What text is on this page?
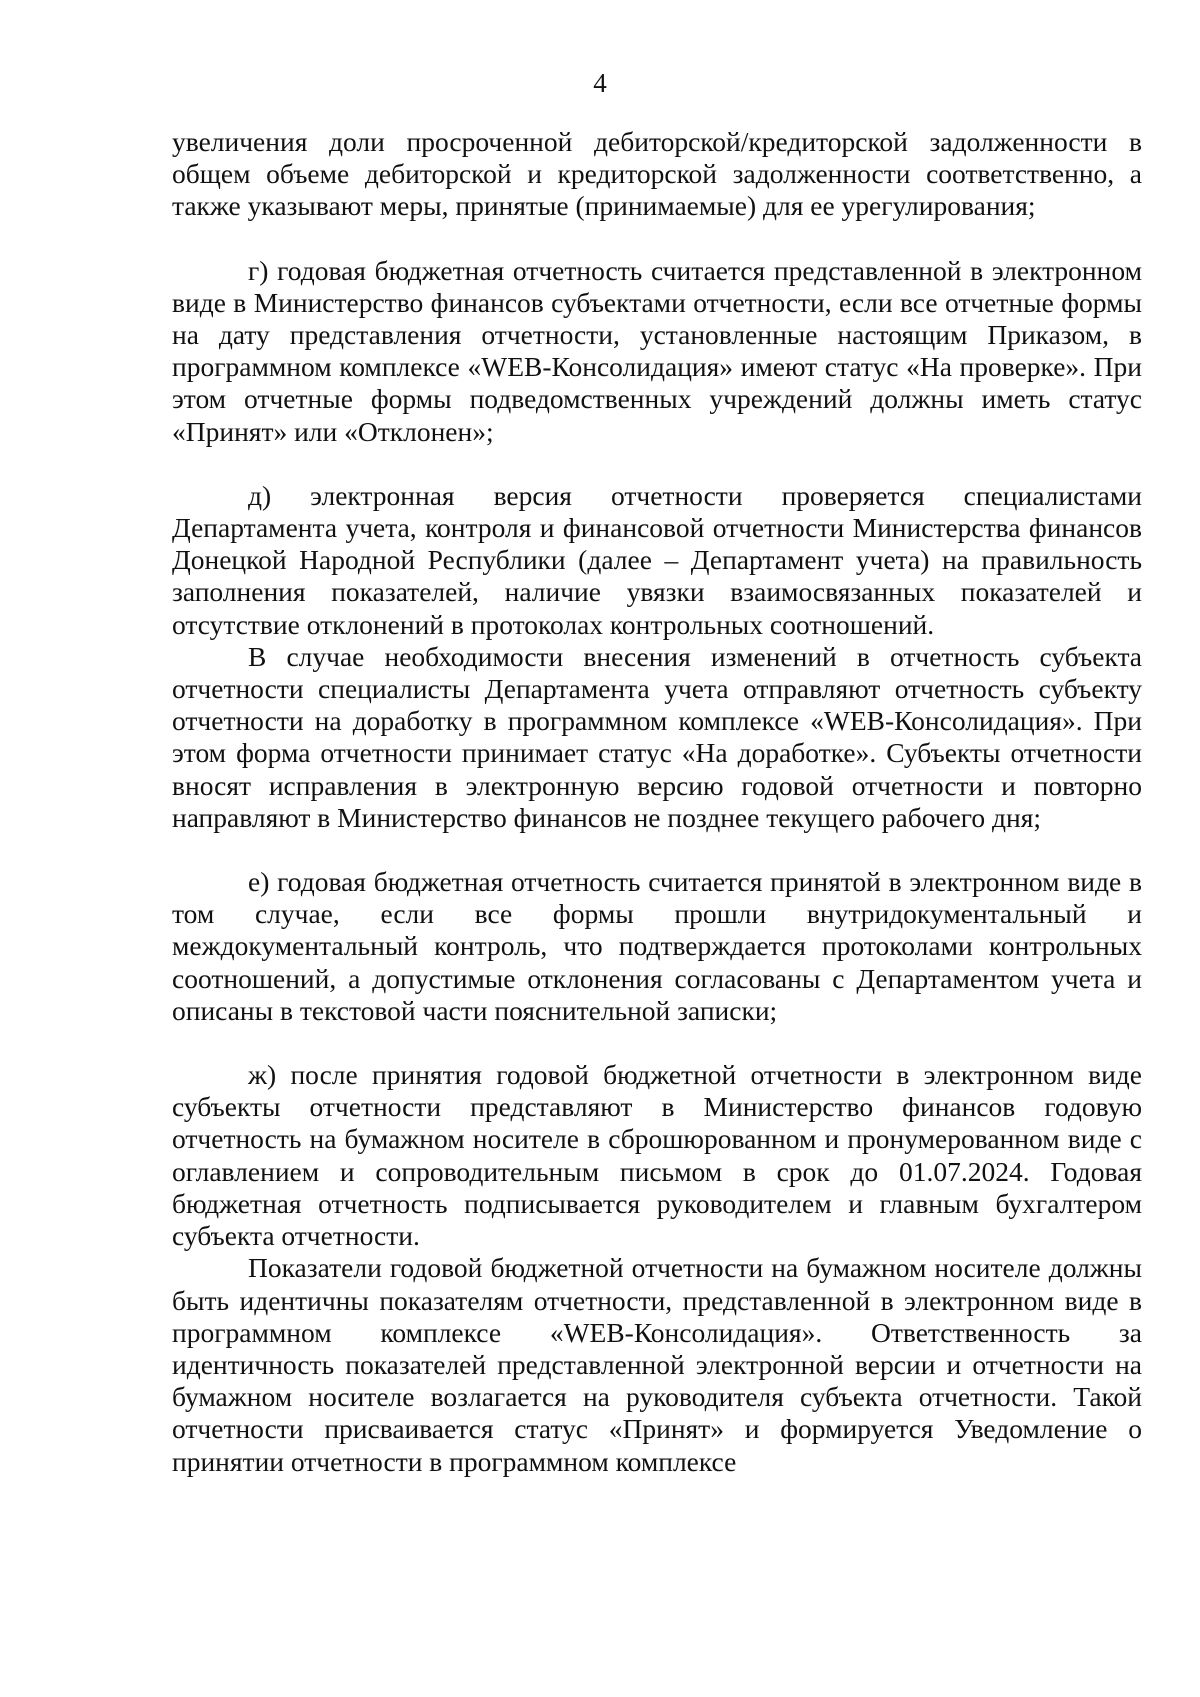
4

увеличения доли просроченной дебиторской/кредиторской задолженности в общем объеме дебиторской и кредиторской задолженности соответственно, а также указывают меры, принятые (принимаемые) для ее урегулирования;

г) годовая бюджетная отчетность считается представленной в электронном виде в Министерство финансов субъектами отчетности, если все отчетные формы на дату представления отчетности, установленные настоящим Приказом, в программном комплексе «WEB-Консолидация» имеют статус «На проверке». При этом отчетные формы подведомственных учреждений должны иметь статус «Принят» или «Отклонен»;

д) электронная версия отчетности проверяется специалистами Департамента учета, контроля и финансовой отчетности Министерства финансов Донецкой Народной Республики (далее – Департамент учета) на правильность заполнения показателей, наличие увязки взаимосвязанных показателей и отсутствие отклонений в протоколах контрольных соотношений.

В случае необходимости внесения изменений в отчетность субъекта отчетности специалисты Департамента учета отправляют отчетность субъекту отчетности на доработку в программном комплексе «WEB-Консолидация». При этом форма отчетности принимает статус «На доработке». Субъекты отчетности вносят исправления в электронную версию годовой отчетности и повторно направляют в Министерство финансов не позднее текущего рабочего дня;

е) годовая бюджетная отчетность считается принятой в электронном виде в том случае, если все формы прошли внутридокументальный и междокументальный контроль, что подтверждается протоколами контрольных соотношений, а допустимые отклонения согласованы с Департаментом учета и описаны в текстовой части пояснительной записки;

ж) после принятия годовой бюджетной отчетности в электронном виде субъекты отчетности представляют в Министерство финансов годовую отчетность на бумажном носителе в сброшюрованном и пронумерованном виде с оглавлением и сопроводительным письмом в срок до 01.07.2024. Годовая бюджетная отчетность подписывается руководителем и главным бухгалтером субъекта отчетности.

Показатели годовой бюджетной отчетности на бумажном носителе должны быть идентичны показателям отчетности, представленной в электронном виде в программном комплексе «WEB-Консолидация». Ответственность за идентичность показателей представленной электронной версии и отчетности на бумажном носителе возлагается на руководителя субъекта отчетности. Такой отчетности присваивается статус «Принят» и формируется Уведомление о принятии отчетности в программном комплексе
